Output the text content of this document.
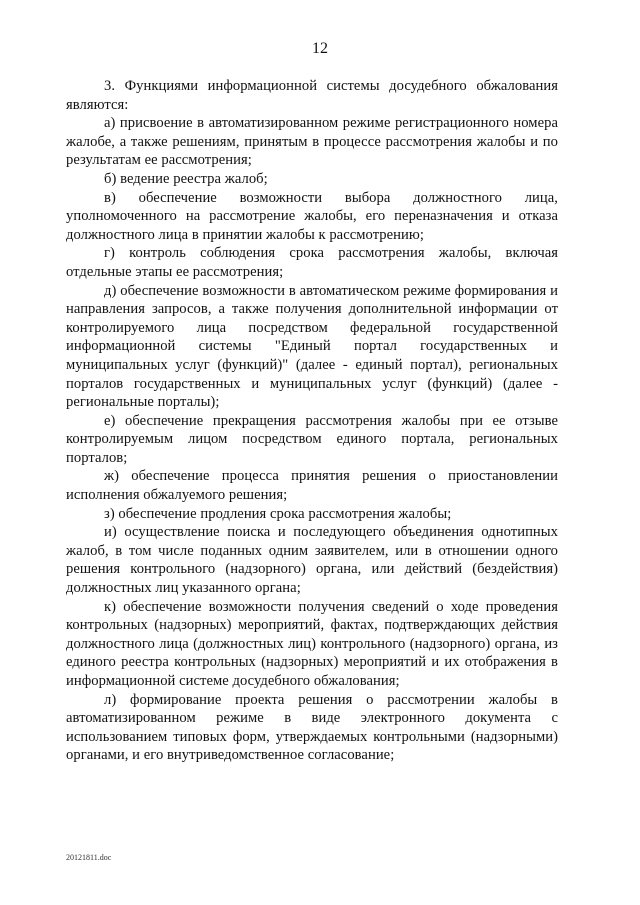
12

3. Функциями информационной системы досудебного обжалования являются:

а) присвоение в автоматизированном режиме регистрационного номера жалобе, а также решениям, принятым в процессе рассмотрения жалобы и по результатам ее рассмотрения;

б) ведение реестра жалоб;

в) обеспечение возможности выбора должностного лица, уполномоченного на рассмотрение жалобы, его переназначения и отказа должностного лица в принятии жалобы к рассмотрению;

г) контроль соблюдения срока рассмотрения жалобы, включая отдельные этапы ее рассмотрения;

д) обеспечение возможности в автоматическом режиме формирования и направления запросов, а также получения дополнительной информации от контролируемого лица посредством федеральной государственной информационной системы "Единый портал государственных и муниципальных услуг (функций)" (далее - единый портал), региональных порталов государственных и муниципальных услуг (функций) (далее - региональные порталы);

е) обеспечение прекращения рассмотрения жалобы при ее отзыве контролируемым лицом посредством единого портала, региональных порталов;

ж) обеспечение процесса принятия решения о приостановлении исполнения обжалуемого решения;

з) обеспечение продления срока рассмотрения жалобы;

и) осуществление поиска и последующего объединения однотипных жалоб, в том числе поданных одним заявителем, или в отношении одного решения контрольного (надзорного) органа, или действий (бездействия) должностных лиц указанного органа;

к) обеспечение возможности получения сведений о ходе проведения контрольных (надзорных) мероприятий, фактах, подтверждающих действия должностного лица (должностных лиц) контрольного (надзорного) органа, из единого реестра контрольных (надзорных) мероприятий и их отображения в информационной системе досудебного обжалования;

л) формирование проекта решения о рассмотрении жалобы в автоматизированном режиме в виде электронного документа с использованием типовых форм, утверждаемых контрольными (надзорными) органами, и его внутриведомственное согласование;

20121811.doc
